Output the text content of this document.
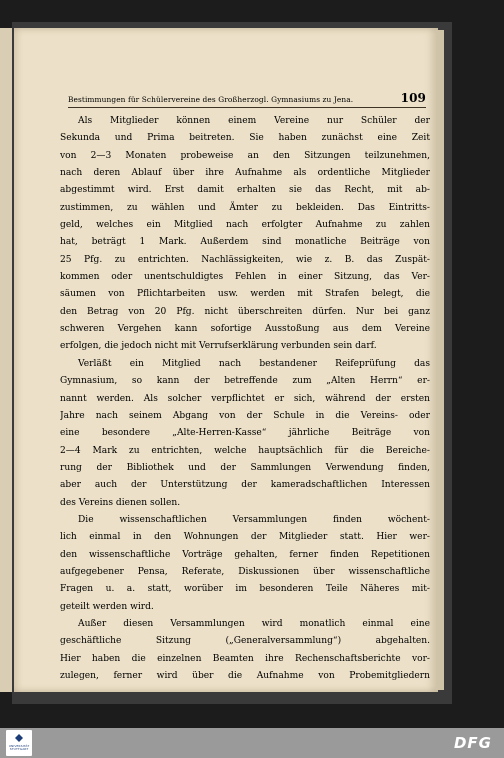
Bestimmungen für Schülervereine des Großherzogl. Gymnasiums zu Jena.	109
Als Mitglieder können einem Vereine nur Schüler der
Sekunda und Prima beitreten. Sie haben zunächst eine Zeit
von 2—3 Monaten probeweise an den Sitzungen teilzunehmen,
nach deren Ablauf über ihre Aufnahme als ordentliche Mitglieder
abgestimmt wird. Erst damit erhalten sie das Recht, mit ab-
zustimmen, zu wählen und Ämter zu bekleiden. Das Eintritts-
geld, welches ein Mitglied nach erfolgter Aufnahme zu zahlen
hat, beträgt 1 Mark. Außerdem sind monatliche Beiträge von
25 Pfg. zu entrichten. Nachlässigkeiten, wie z. B. das Zuspät-
kommen oder unentschuldigtes Fehlen in einer Sitzung, das Ver-
säumen von Pflichtarbeiten usw. werden mit Strafen belegt, die
den Betrag von 20 Pfg. nicht überschreiten dürfen. Nur bei ganz
schweren Vergehen kann sofortige Ausstoßung aus dem Vereine
erfolgen, die jedoch nicht mit Verrufserklärung verbunden sein darf.
Verläßt ein Mitglied nach bestandener Reifeprüfung das
Gymnasium, so kann der betreffende zum „Alten Herrn“ er-
nannt werden. Als solcher verpflichtet er sich, während der ersten
Jahre nach seinem Abgang von der Schule in die Vereins- oder
eine besondere „Alte-Herren-Kasse“ jährliche Beiträge von
2—4 Mark zu entrichten, welche hauptsächlich für die Bereiche-
rung der Bibliothek und der Sammlungen Verwendung finden,
aber auch der Unterstützung der kameradschaftlichen Interessen
des Vereins dienen sollen.
Die wissenschaftlichen Versammlungen finden wöchent-
lich einmal in den Wohnungen der Mitglieder statt. Hier wer-
den wissenschaftliche Vorträge gehalten, ferner finden Repetitionen
aufgegebener Pensa, Referate, Diskussionen über wissenschaftliche
Fragen u. a. statt, worüber im besonderen Teile Näheres mit-
geteilt werden wird.
Außer diesen Versammlungen wird monatlich einmal eine
geschäftliche Sitzung („Generalversammlung“) abgehalten.
Hier haben die einzelnen Beamten ihre Rechenschaftsberichte vor-
zulegen, ferner wird über die Aufnahme von Probemitgliedern
UNIVERSITÄT STUTTGART	DFG
